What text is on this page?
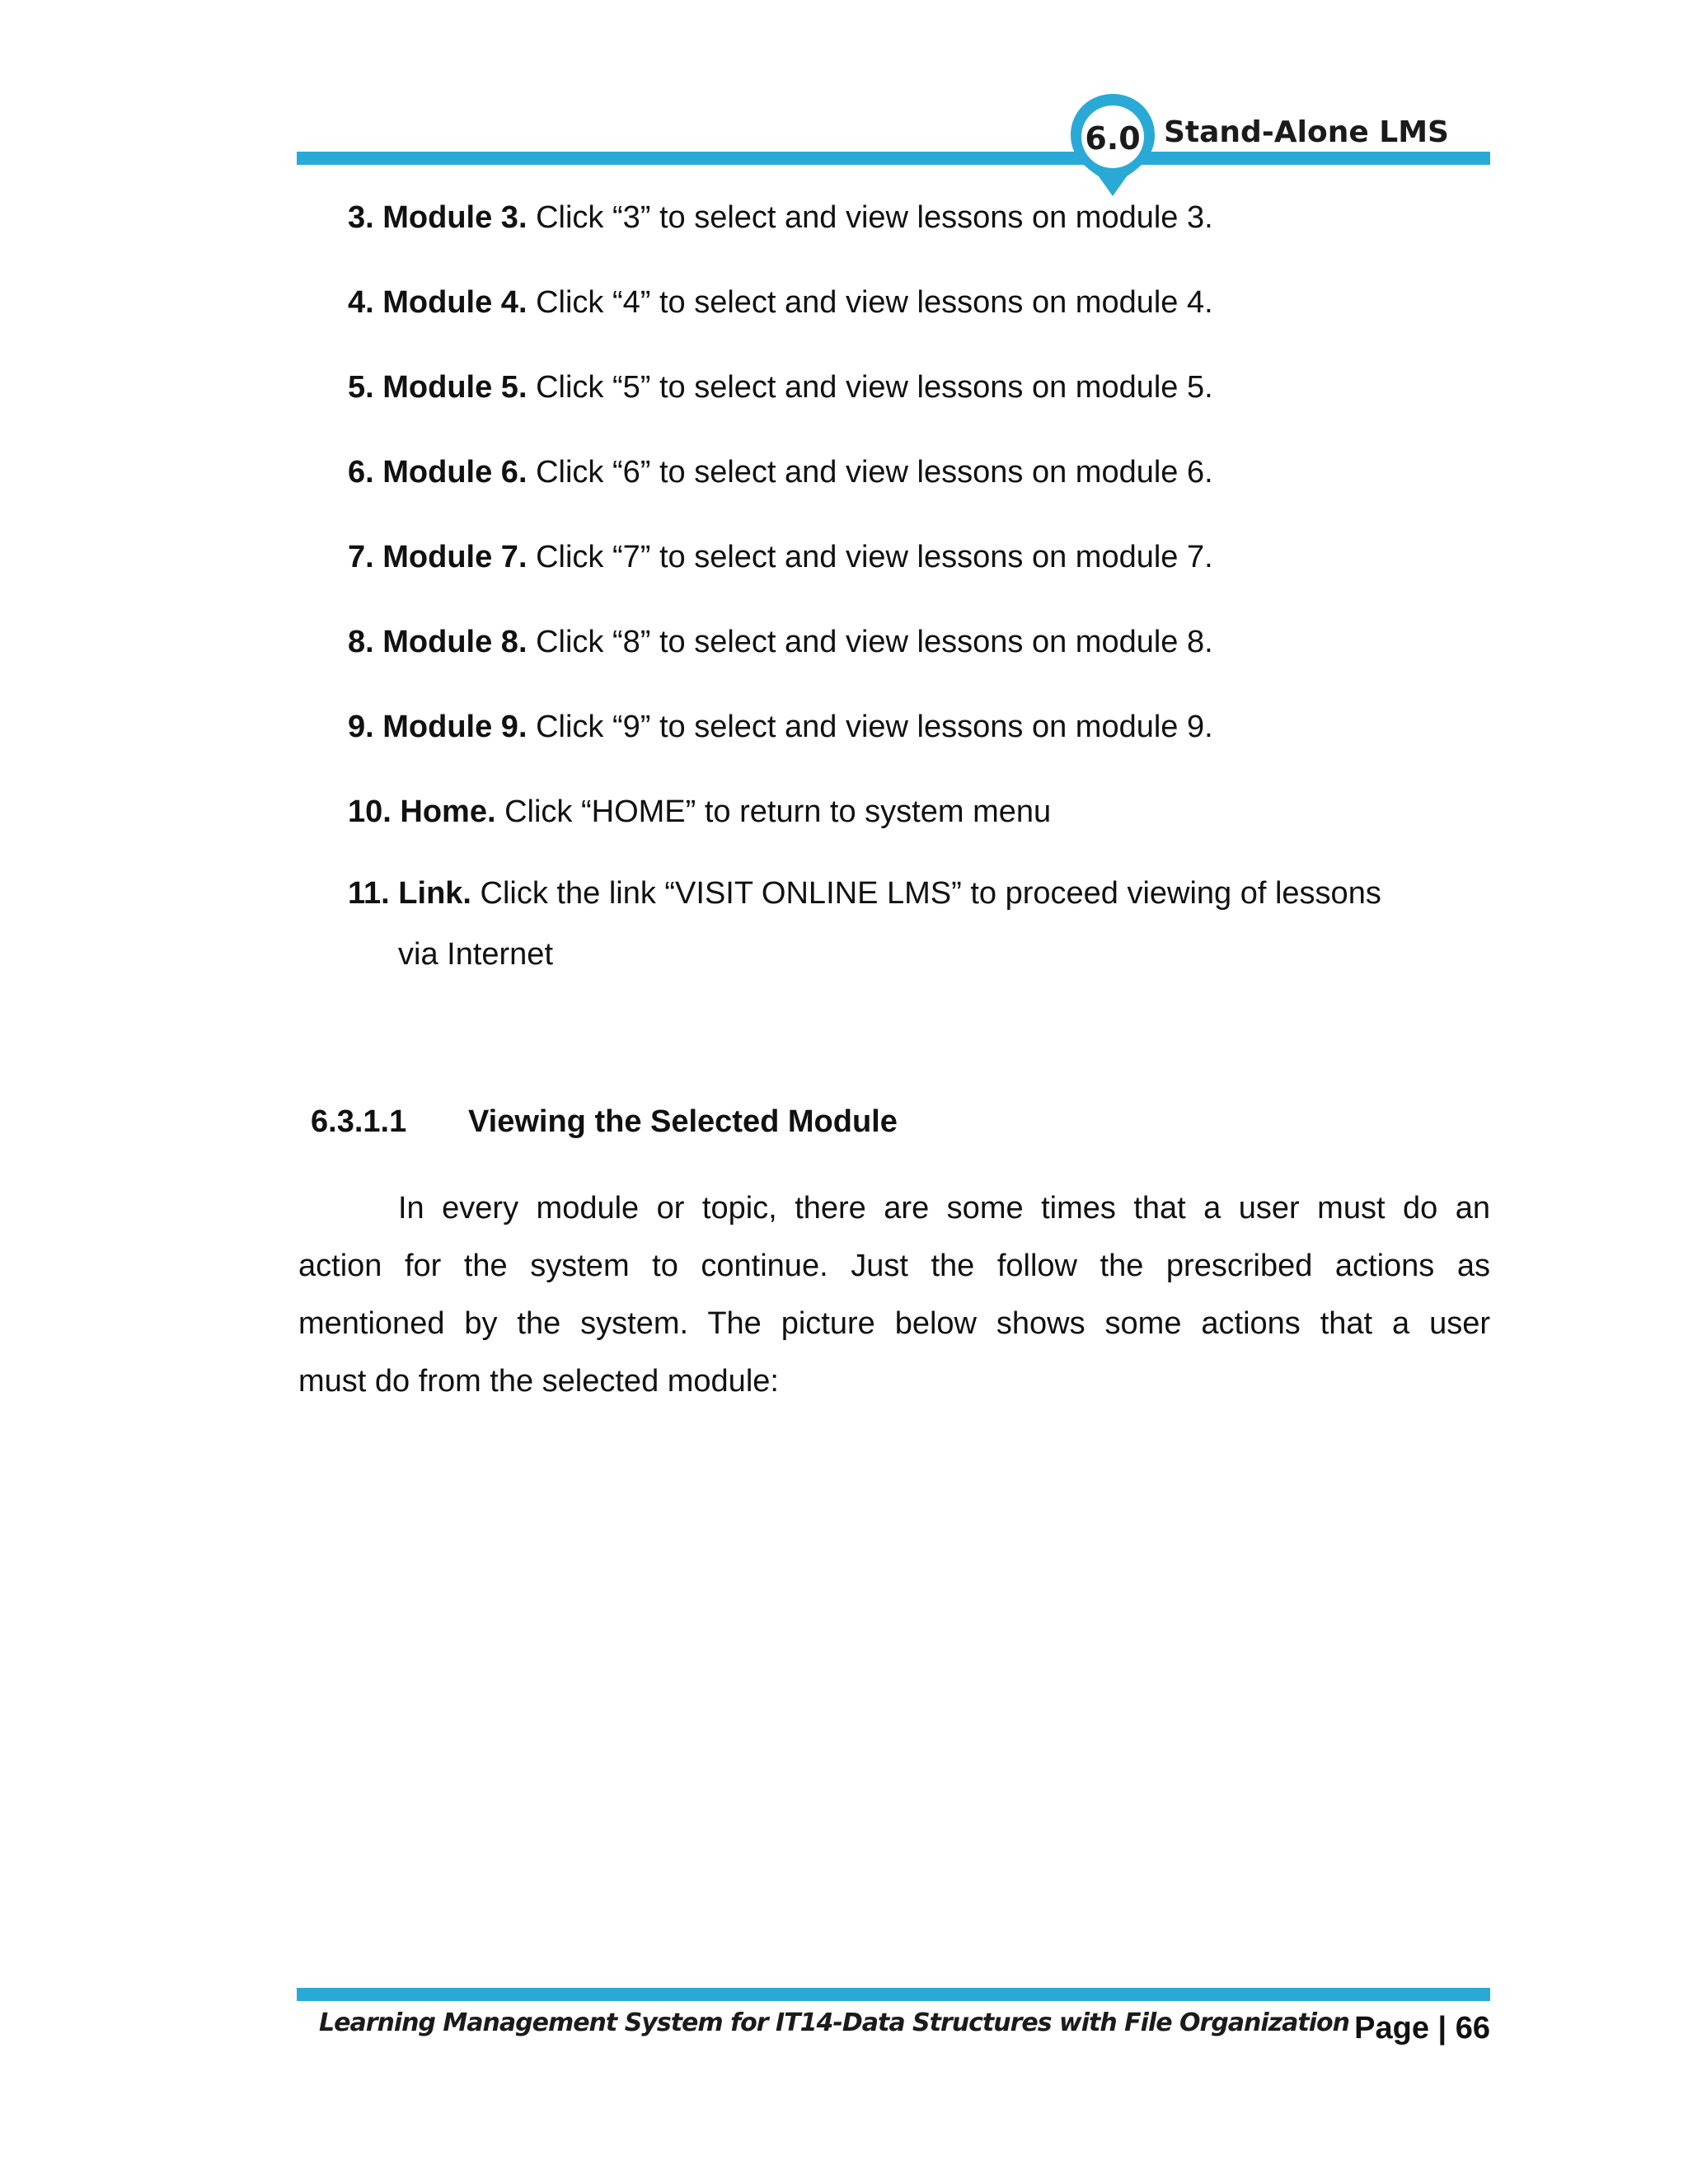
6.0 Stand-Alone LMS
3. Module 3. Click “3” to select and view lessons on module 3.
4. Module 4. Click “4” to select and view lessons on module 4.
5. Module 5. Click “5” to select and view lessons on module 5.
6. Module 6. Click “6” to select and view lessons on module 6.
7. Module 7. Click “7” to select and view lessons on module 7.
8. Module 8. Click “8” to select and view lessons on module 8.
9. Module 9. Click “9” to select and view lessons on module 9.
10. Home. Click “HOME” to return to system menu
11. Link. Click the link “VISIT ONLINE LMS” to proceed viewing of lessons
via Internet
6.3.1.1 Viewing the Selected Module
In every module or topic, there are some times that a user must do an
action for the system to continue. Just the follow the prescribed actions as
mentioned by the system. The picture below shows some actions that a user
must do from the selected module:
Learning Management System for IT14-Data Structures with File Organization Page | 66
